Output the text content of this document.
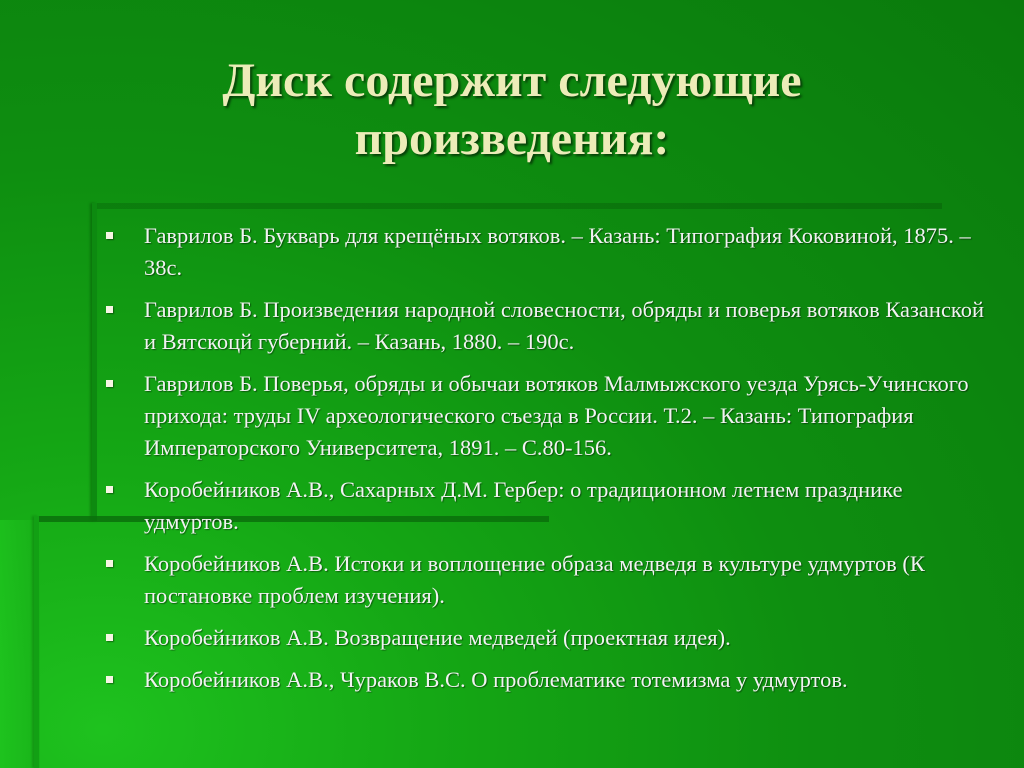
Диск содержит следующие
произведения:
Гаврилов Б. Букварь для крещёных вотяков. – Казань: Типография Коковиной, 1875. – 38с.
Гаврилов Б. Произведения народной словесности, обряды и поверья вотяков Казанской и Вятскоцй губерний. – Казань, 1880. – 190с.
Гаврилов Б. Поверья, обряды и обычаи вотяков Малмыжского уезда Урясь-Учинского прихода: труды IV археологического съезда в России. Т.2. – Казань: Типография Императорского Университета, 1891. – С.80-156.
Коробейников А.В., Сахарных Д.М. Гербер: о традиционном летнем празднике удмуртов.
Коробейников А.В. Истоки и воплощение образа медведя в культуре удмуртов (К постановке проблем изучения).
Коробейников А.В. Возвращение медведей (проектная идея).
Коробейников А.В., Чураков В.С. О проблематике тотемизма у удмуртов.
